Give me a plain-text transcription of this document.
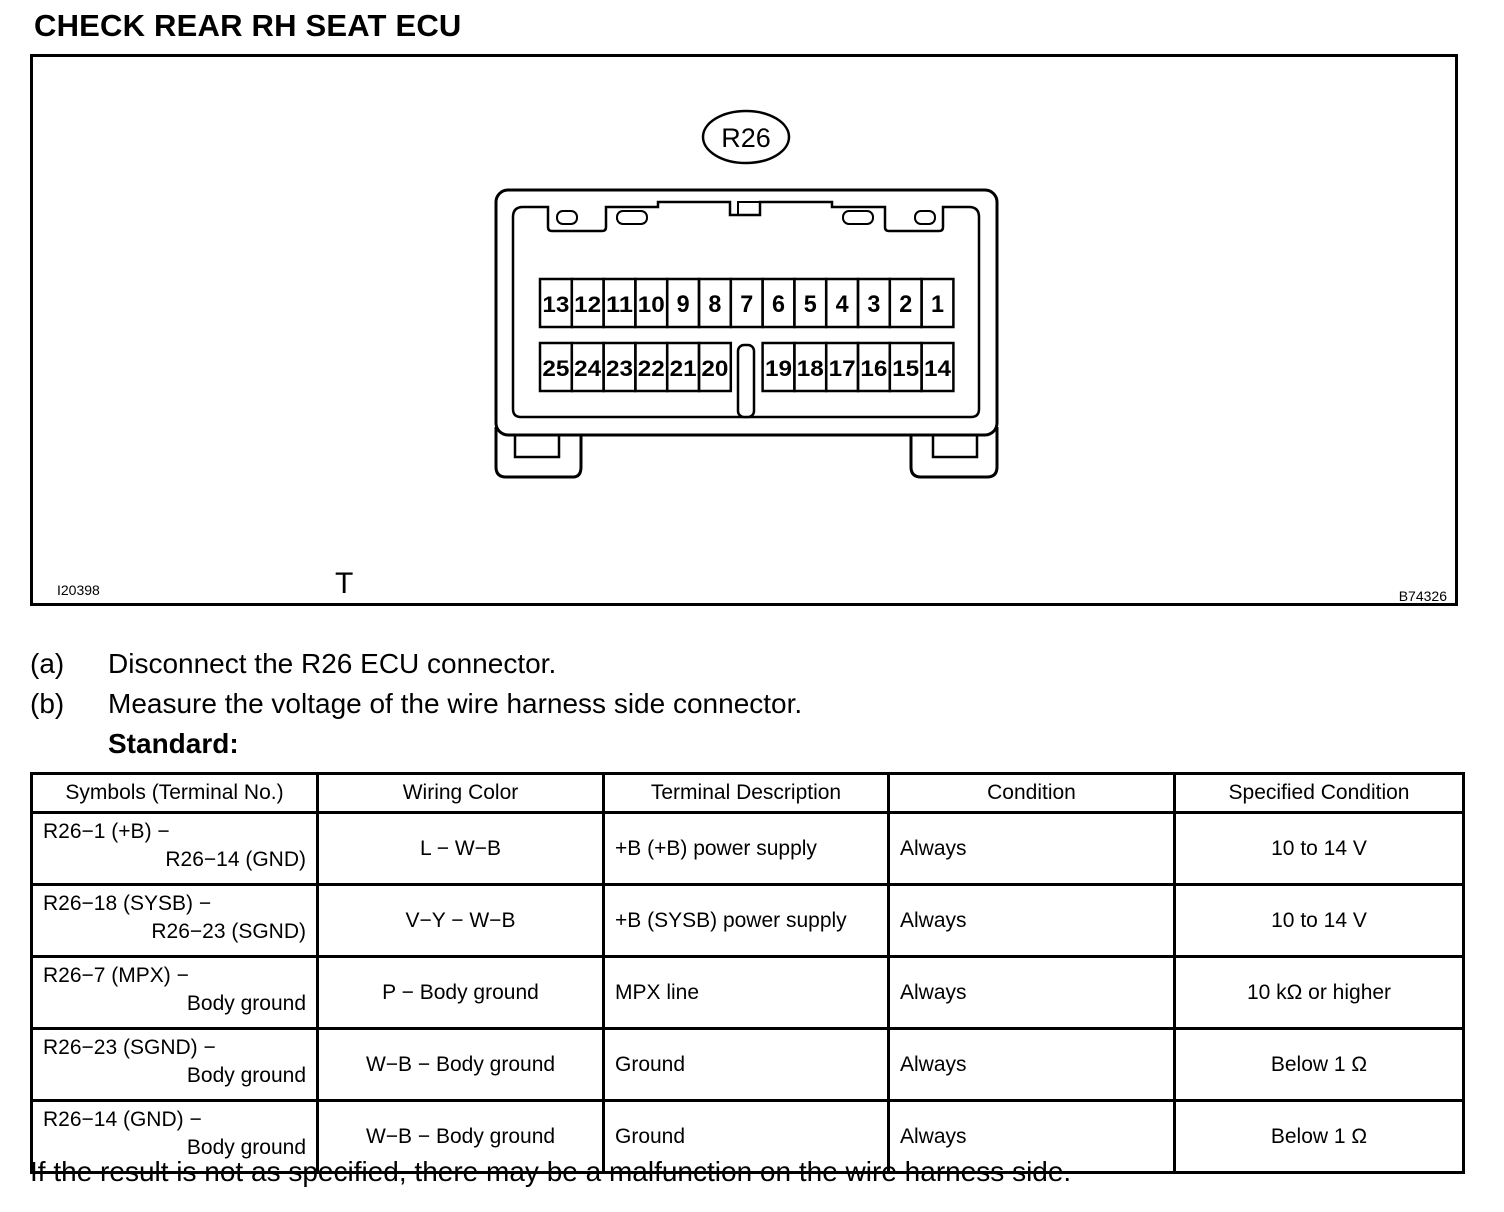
CHECK REAR RH SEAT ECU
R26
13 12 11 10 9 8 7 6 5 4 3 2 1
25 24 23 22 21 20 19 18 17 16 15 14
I20398	T	B74326
(a)	Disconnect the R26 ECU connector.
(b)	Measure the voltage of the wire harness side connector.
Standard:
Symbols (Terminal No.)	Wiring Color	Terminal Description	Condition	Specified Condition

R26−1 (+B) −
R26−14 (GND)	L − W−B	+B (+B) power supply	Always	10 to 14 V

R26−18 (SYSB) −
R26−23 (SGND)	V−Y − W−B	+B (SYSB) power supply	Always	10 to 14 V

R26−7 (MPX) −
Body ground	P − Body ground	MPX line	Always	10 kΩ or higher

R26−23 (SGND) −
Body ground	W−B − Body ground	Ground	Always	Below 1 Ω

R26−14 (GND) −
Body ground	W−B − Body ground	Ground	Always	Below 1 Ω
If the result is not as specified, there may be a malfunction on the wire harness side.
